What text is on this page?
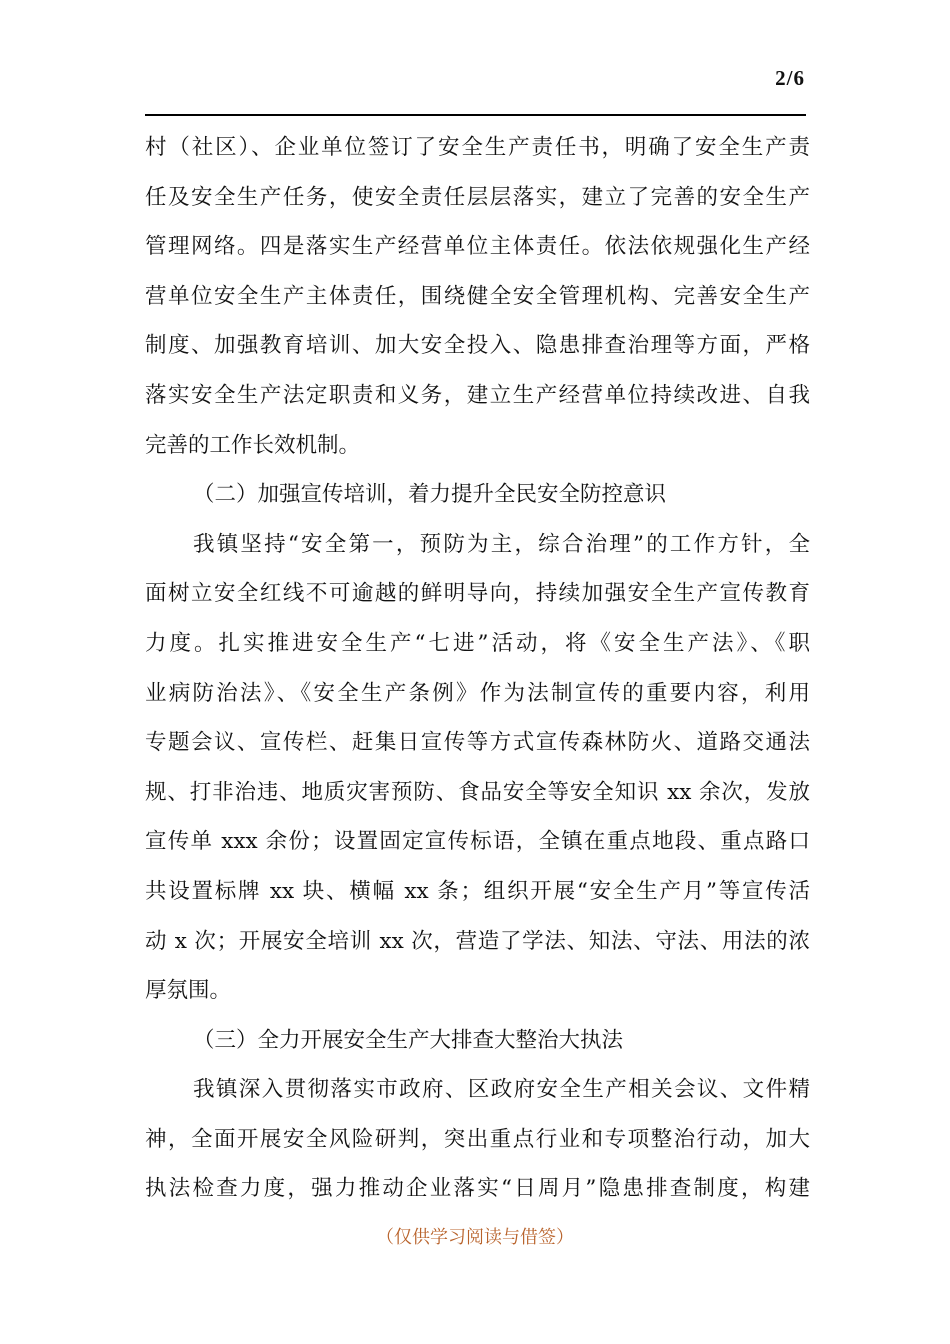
2/6
村（社区）、企业单位签订了安全生产责任书，明确了安全生产责
任及安全生产任务，使安全责任层层落实，建立了完善的安全生产
管理网络。四是落实生产经营单位主体责任。依法依规强化生产经
营单位安全生产主体责任，围绕健全安全管理机构、完善安全生产
制度、加强教育培训、加大安全投入、隐患排查治理等方面，严格
落实安全生产法定职责和义务，建立生产经营单位持续改进、自我
完善的工作长效机制。
（二）加强宣传培训，着力提升全民安全防控意识
我镇坚持“安全第一，预防为主，综合治理”的工作方针，全
面树立安全红线不可逾越的鲜明导向，持续加强安全生产宣传教育
力度。扎实推进安全生产“七进”活动，将《安全生产法》、《职
业病防治法》、《安全生产条例》作为法制宣传的重要内容，利用
专题会议、宣传栏、赶集日宣传等方式宣传森林防火、道路交通法
规、打非治违、地质灾害预防、食品安全等安全知识 xx 余次，发放
宣传单 xxx 余份；设置固定宣传标语，全镇在重点地段、重点路口
共设置标牌 xx 块、横幅 xx 条；组织开展“安全生产月”等宣传活
动 x 次；开展安全培训 xx 次，营造了学法、知法、守法、用法的浓
厚氛围。
（三）全力开展安全生产大排查大整治大执法
我镇深入贯彻落实市政府、区政府安全生产相关会议、文件精
神，全面开展安全风险研判，突出重点行业和专项整治行动，加大
执法检查力度，强力推动企业落实“日周月”隐患排查制度，构建
（仅供学习阅读与借签）
